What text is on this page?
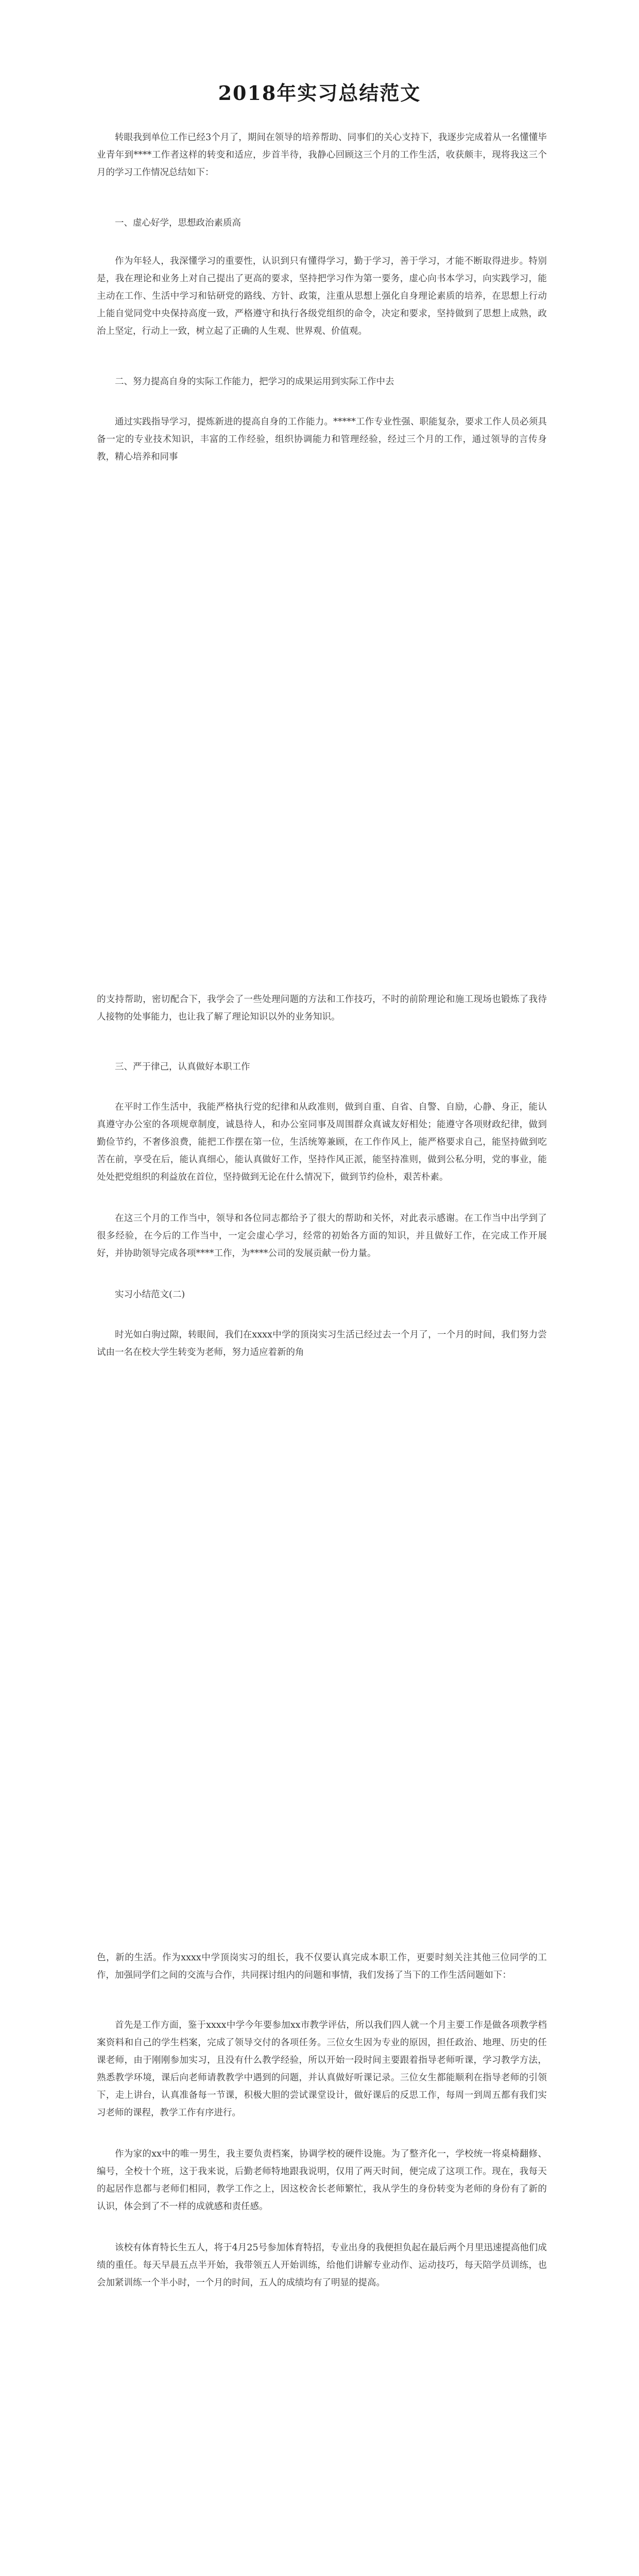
2018年实习总结范文

转眼我到单位工作已经3个月了，期间在领导的培养帮助、同事们的关心支持下，我逐步完成着从一名懂懂毕业青年到****工作者这样的转变和适应，步首半待，我静心回顾这三个月的工作生活，收获颇丰，现将我这三个月的学习工作情况总结如下：

一、虚心好学，思想政治素质高

作为年轻人，我深懂学习的重要性，认识到只有懂得学习，勤于学习，善于学习，才能不断取得进步。特别是，我在理论和业务上对自己提出了更高的要求，坚持把学习作为第一要务，虚心向书本学习，向实践学习，能主动在工作、生活中学习和钻研党的路线、方针、政策，注重从思想上强化自身理论素质的培养，在思想上行动上能自觉同党中央保持高度一致，严格遵守和执行各级党组织的命令，决定和要求，坚持做到了思想上成熟，政治上坚定，行动上一致，树立起了正确的人生观、世界观、价值观。

二、努力提高自身的实际工作能力，把学习的成果运用到实际工作中去

通过实践指导学习，提炼新进的提高自身的工作能力。*****工作专业性强、职能复杂，要求工作人员必须具备一定的专业技术知识，丰富的工作经验，组织协调能力和管理经验，经过三个月的工作，通过领导的言传身教，精心培养和同事

的支持帮助，密切配合下，我学会了一些处理问题的方法和工作技巧，不时的前阶理论和施工现场也锻炼了我待人接物的处事能力，也让我了解了理论知识以外的业务知识。

三、严于律己，认真做好本职工作

在平时工作生活中，我能严格执行党的纪律和从政准则，做到自重、自省、自警、自励，心静、身正，能认真遵守办公室的各项规章制度，诚恳待人，和办公室同事及周围群众真诚友好相处；能遵守各项财政纪律，做到勤俭节约，不奢侈浪费，能把工作摆在第一位，生活统筹兼顾，在工作作风上，能严格要求自己，能坚持做到吃苦在前，享受在后，能认真细心，能认真做好工作，坚持作风正派，能坚持准则，做到公私分明，党的事业，能处处把党组织的利益放在首位，坚持做到无论在什么情况下，做到节约俭朴，艰苦朴素。

在这三个月的工作当中，领导和各位同志都给予了很大的帮助和关怀，对此表示感谢。在工作当中出学到了很多经验，在今后的工作当中，一定会虚心学习，经常的初始各方面的知识，并且做好工作，在完成工作开展好，并协助领导完成各项****工作，为****公司的发展贡献一份力量。

实习小结范文(二)

时光如白驹过隙，转眼间，我们在xxxx中学的顶岗实习生活已经过去一个月了，一个月的时间，我们努力尝试由一名在校大学生转变为老师，努力适应着新的角

色，新的生活。作为xxxx中学顶岗实习的组长，我不仅要认真完成本职工作，更要时刻关注其他三位同学的工作，加强同学们之间的交流与合作，共同探讨组内的问题和事情，我们发扬了当下的工作生活问题如下：

首先是工作方面，鉴于xxxx中学今年要参加xx市教学评估，所以我们四人就一个月主要工作是做各项教学档案资料和自己的学生档案，完成了领导交付的各项任务。三位女生因为专业的原因，担任政治、地理、历史的任课老师，由于刚刚参加实习，且没有什么教学经验，所以开始一段时间主要跟着指导老师听课，学习教学方法，熟悉教学环境，课后向老师请教教学中遇到的问题，并认真做好听课记录。三位女生都能顺利在指导老师的引领下，走上讲台，认真准备每一节课，积极大胆的尝试课堂设计，做好课后的反思工作，每周一到周五都有我们实习老师的课程，教学工作有序进行。

作为家的xx中的唯一男生，我主要负责档案，协调学校的硬件设施。为了整齐化一，学校统一将桌椅翻修、编号，全校十个班，这于我来说，后勤老师特地跟我说明，仅用了两天时间，便完成了这项工作。现在，我每天的起居作息都与老师们相同，教学工作之上，因这校舍长老师繁忙，我从学生的身份转变为老师的身份有了新的认识，体会到了不一样的成就感和责任感。

该校有体育特长生五人，将于4月25号参加体育特招，专业出身的我便担负起在最后两个月里迅速提高他们成绩的重任。每天早晨五点半开始，我带领五人开始训练，给他们讲解专业动作、运动技巧，每天陪学员训练，也会加紧训练一个半小时，一个月的时间，五人的成绩均有了明显的提高。
